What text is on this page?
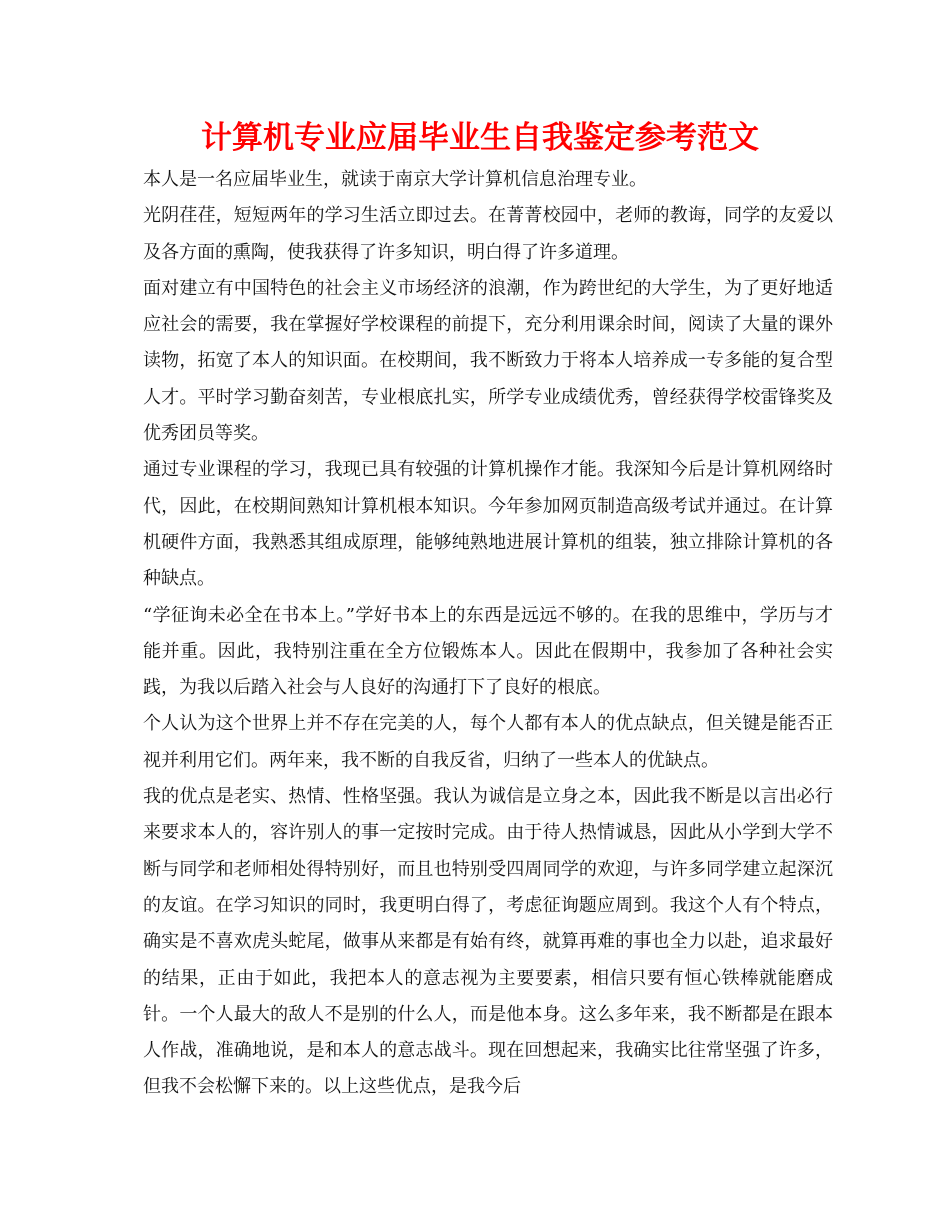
计算机专业应届毕业生自我鉴定参考范文

本人是一名应届毕业生，就读于南京大学计算机信息治理专业。

光阴荏荏，短短两年的学习生活立即过去。在菁菁校园中，老师的教诲，同学的友爱以及各方面的熏陶，使我获得了许多知识，明白得了许多道理。

面对建立有中国特色的社会主义市场经济的浪潮，作为跨世纪的大学生，为了更好地适应社会的需要，我在掌握好学校课程的前提下，充分利用课余时间，阅读了大量的课外读物，拓宽了本人的知识面。在校期间，我不断致力于将本人培养成一专多能的复合型人才。平时学习勤奋刻苦，专业根底扎实，所学专业成绩优秀，曾经获得学校雷锋奖及优秀团员等奖。

通过专业课程的学习，我现已具有较强的计算机操作才能。我深知今后是计算机网络时代，因此，在校期间熟知计算机根本知识。今年参加网页制造高级考试并通过。在计算机硬件方面，我熟悉其组成原理，能够纯熟地进展计算机的组装，独立排除计算机的各种缺点。

“学征询未必全在书本上。”学好书本上的东西是远远不够的。在我的思维中，学历与才能并重。因此，我特别注重在全方位锻炼本人。因此在假期中，我参加了各种社会实践，为我以后踏入社会与人良好的沟通打下了良好的根底。

个人认为这个世界上并不存在完美的人，每个人都有本人的优点缺点，但关键是能否正视并利用它们。两年来，我不断的自我反省，归纳了一些本人的优缺点。

我的优点是老实、热情、性格坚强。我认为诚信是立身之本，因此我不断是以言出必行来要求本人的，容许别人的事一定按时完成。由于待人热情诚恳，因此从小学到大学不断与同学和老师相处得特别好，而且也特别受四周同学的欢迎，与许多同学建立起深沉的友谊。在学习知识的同时，我更明白得了，考虑征询题应周到。我这个人有个特点，确实是不喜欢虎头蛇尾，做事从来都是有始有终，就算再难的事也全力以赴，追求最好的结果，正由于如此，我把本人的意志视为主要要素，相信只要有恒心铁棒就能磨成针。一个人最大的敌人不是别的什么人，而是他本身。这么多年来，我不断都是在跟本人作战，准确地说，是和本人的意志战斗。现在回想起来，我确实比往常坚强了许多，但我不会松懈下来的。以上这些优点，是我今后
